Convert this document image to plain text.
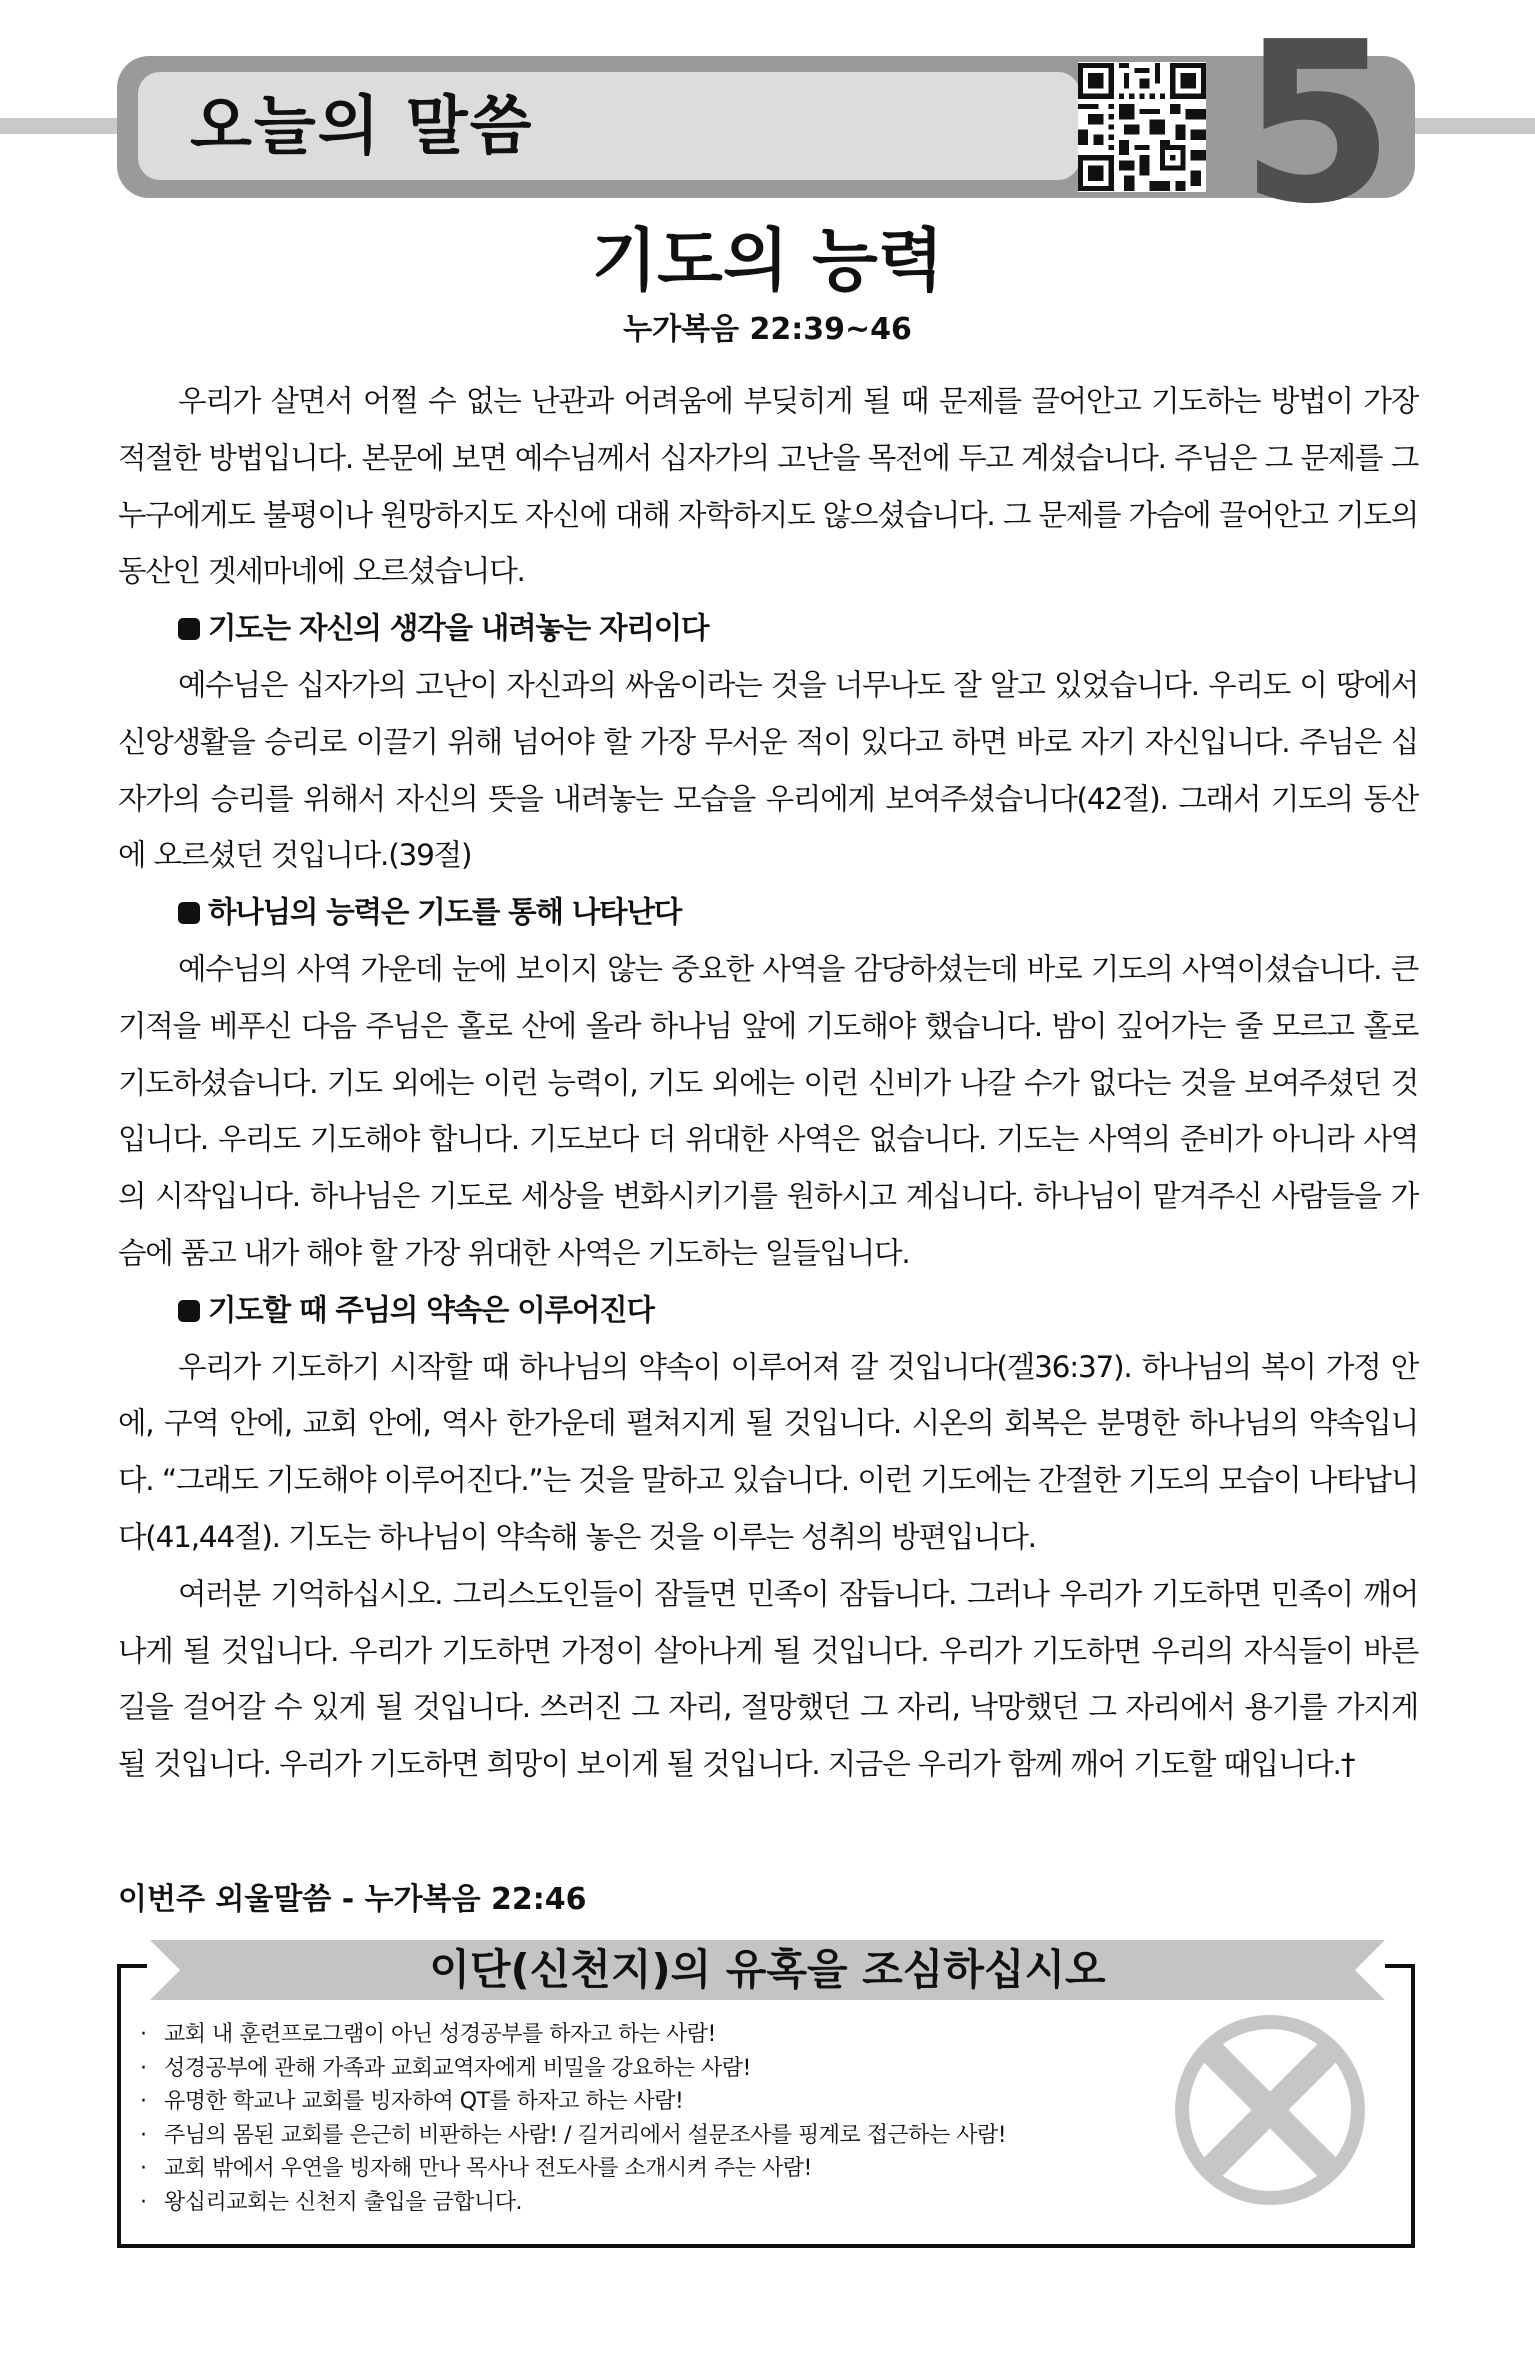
오늘의 말씀	5
기도의 능력
누가복음 22:39~46

우리가 살면서 어쩔 수 없는 난관과 어려움에 부딪히게 될 때 문제를 끌어안고 기도하는 방법이 가장 적절한 방법입니다. 본문에 보면 예수님께서 십자가의 고난을 목전에 두고 계셨습니다. 주님은 그 문제를 그 누구에게도 불평이나 원망하지도 자신에 대해 자학하지도 않으셨습니다. 그 문제를 가슴에 끌어안고 기도의 동산인 겟세마네에 오르셨습니다.

기도는 자신의 생각을 내려놓는 자리이다

예수님은 십자가의 고난이 자신과의 싸움이라는 것을 너무나도 잘 알고 있었습니다. 우리도 이 땅에서 신앙생활을 승리로 이끌기 위해 넘어야 할 가장 무서운 적이 있다고 하면 바로 자기 자신입니다. 주님은 십자가의 승리를 위해서 자신의 뜻을 내려놓는 모습을 우리에게 보여주셨습니다(42절). 그래서 기도의 동산에 오르셨던 것입니다.(39절)

하나님의 능력은 기도를 통해 나타난다

예수님의 사역 가운데 눈에 보이지 않는 중요한 사역을 감당하셨는데 바로 기도의 사역이셨습니다. 큰 기적을 베푸신 다음 주님은 홀로 산에 올라 하나님 앞에 기도해야 했습니다. 밤이 깊어가는 줄 모르고 홀로 기도하셨습니다. 기도 외에는 이런 능력이, 기도 외에는 이런 신비가 나갈 수가 없다는 것을 보여주셨던 것입니다. 우리도 기도해야 합니다. 기도보다 더 위대한 사역은 없습니다. 기도는 사역의 준비가 아니라 사역의 시작입니다. 하나님은 기도로 세상을 변화시키기를 원하시고 계십니다. 하나님이 맡겨주신 사람들을 가슴에 품고 내가 해야 할 가장 위대한 사역은 기도하는 일들입니다.

기도할 때 주님의 약속은 이루어진다

우리가 기도하기 시작할 때 하나님의 약속이 이루어져 갈 것입니다(겔36:37). 하나님의 복이 가정 안에, 구역 안에, 교회 안에, 역사 한가운데 펼쳐지게 될 것입니다. 시온의 회복은 분명한 하나님의 약속입니다. “그래도 기도해야 이루어진다.”는 것을 말하고 있습니다. 이런 기도에는 간절한 기도의 모습이 나타납니다(41,44절). 기도는 하나님이 약속해 놓은 것을 이루는 성취의 방편입니다.

여러분 기억하십시오. 그리스도인들이 잠들면 민족이 잠듭니다. 그러나 우리가 기도하면 민족이 깨어나게 될 것입니다. 우리가 기도하면 가정이 살아나게 될 것입니다. 우리가 기도하면 우리의 자식들이 바른 길을 걸어갈 수 있게 될 것입니다. 쓰러진 그 자리, 절망했던 그 자리, 낙망했던 그 자리에서 용기를 가지게 될 것입니다. 우리가 기도하면 희망이 보이게 될 것입니다. 지금은 우리가 함께 깨어 기도할 때입니다.†

이번주 외울말씀 - 누가복음 22:46
이단(신천지)의 유혹을 조심하십시오
· 교회 내 훈련프로그램이 아닌 성경공부를 하자고 하는 사람!
· 성경공부에 관해 가족과 교회교역자에게 비밀을 강요하는 사람!
· 유명한 학교나 교회를 빙자하여 QT를 하자고 하는 사람!
· 주님의 몸된 교회를 은근히 비판하는 사람! / 길거리에서 설문조사를 핑계로 접근하는 사람!
· 교회 밖에서 우연을 빙자해 만나 목사나 전도사를 소개시켜 주는 사람!
· 왕십리교회는 신천지 출입을 금합니다.
